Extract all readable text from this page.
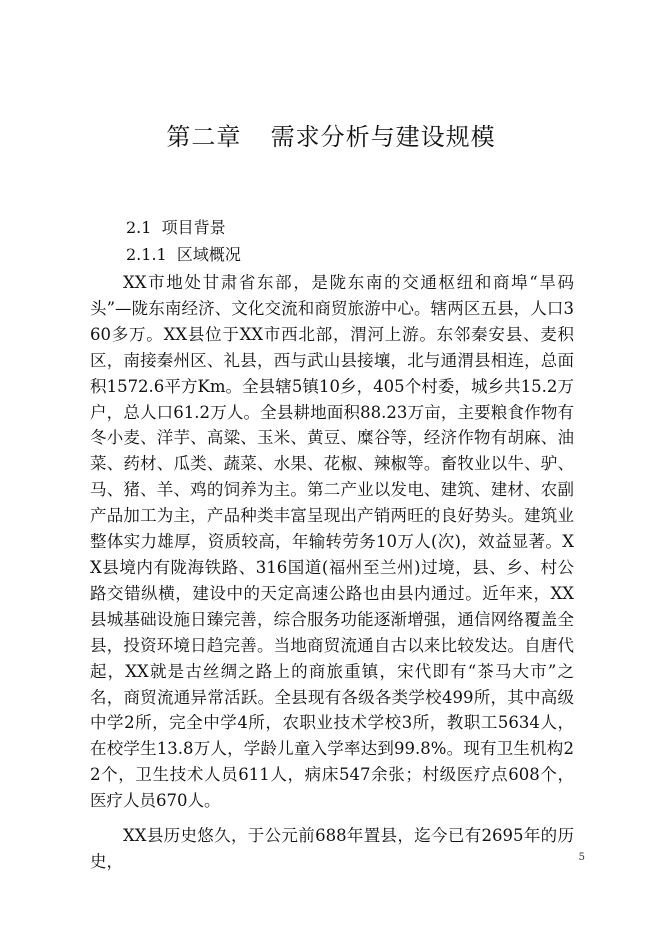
第二章  需求分析与建设规模
2.1  项目背景
2.1.1  区域概况

XX市地处甘肃省东部，是陇东南的交通枢纽和商埠“旱码头”—陇东南经济、文化交流和商贸旅游中心。辖两区五县，人口360多万。XX县位于XX市西北部，渭河上游。东邻秦安县、麦积区，南接秦州区、礼县，西与武山县接壤，北与通渭县相连，总面积1572.6平方Km。全县辖5镇10乡，405个村委，城乡共15.2万户，总人口61.2万人。全县耕地面积88.23万亩，主要粮食作物有冬小麦、洋芋、高粱、玉米、黄豆、糜谷等，经济作物有胡麻、油菜、药材、瓜类、蔬菜、水果、花椒、辣椒等。畜牧业以牛、驴、马、猪、羊、鸡的饲养为主。第二产业以发电、建筑、建材、农副产品加工为主，产品种类丰富呈现出产销两旺的良好势头。建筑业整体实力雄厚，资质较高，年输转劳务10万人(次)，效益显著。XX县境内有陇海铁路、316国道(福州至兰州)过境，县、乡、村公路交错纵横，建设中的天定高速公路也由县内通过。近年来，XX县城基础设施日臻完善，综合服务功能逐渐增强，通信网络覆盖全县，投资环境日趋完善。当地商贸流通自古以来比较发达。自唐代起，XX就是古丝绸之路上的商旅重镇，宋代即有“茶马大市”之名，商贸流通异常活跃。全县现有各级各类学校499所，其中高级中学2所，完全中学4所，农职业技术学校3所，教职工5634人，在校学生13.8万人，学龄儿童入学率达到99.8%。现有卫生机构22个，卫生技术人员611人，病床547余张；村级医疗点608个，医疗人员670人。

XX县历史悠久，于公元前688年置县，迄今已有2695年的历史，	5
